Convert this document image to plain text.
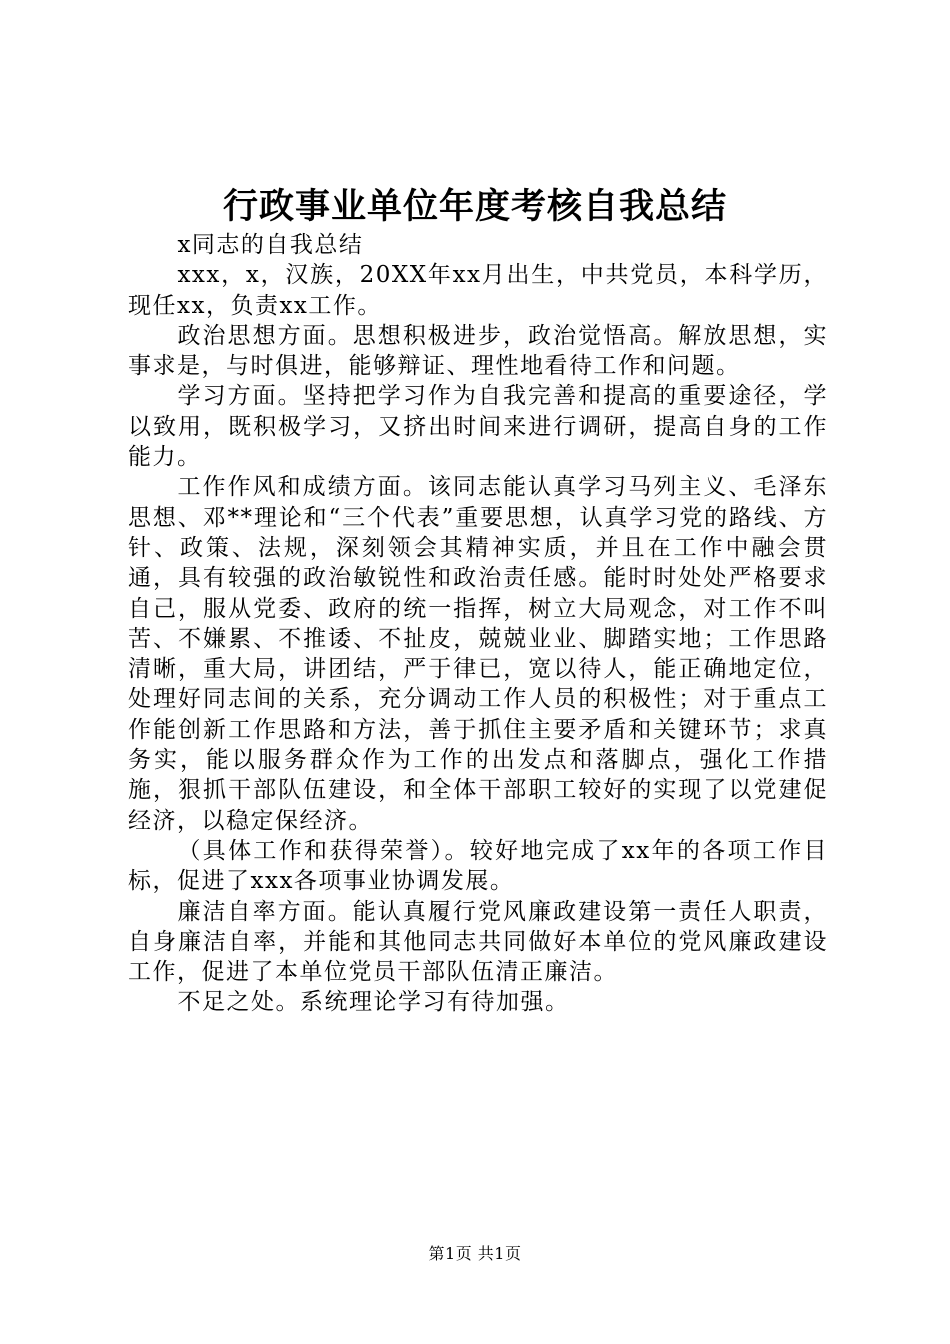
行政事业单位年度考核自我总结

x同志的自我总结

xxx，x，汉族，20XX年xx月出生，中共党员，本科学历，现任xx，负责xx工作。

政治思想方面。思想积极进步，政治觉悟高。解放思想，实事求是，与时俱进，能够辩证、理性地看待工作和问题。

学习方面。坚持把学习作为自我完善和提高的重要途径，学以致用，既积极学习，又挤出时间来进行调研，提高自身的工作能力。

工作作风和成绩方面。该同志能认真学习马列主义、毛泽东思想、邓**理论和“三个代表”重要思想，认真学习党的路线、方针、政策、法规，深刻领会其精神实质，并且在工作中融会贯通，具有较强的政治敏锐性和政治责任感。能时时处处严格要求自己，服从党委、政府的统一指挥，树立大局观念，对工作不叫苦、不嫌累、不推诿、不扯皮，兢兢业业、脚踏实地；工作思路清晰，重大局，讲团结，严于律已，宽以待人，能正确地定位，处理好同志间的关系，充分调动工作人员的积极性；对于重点工作能创新工作思路和方法，善于抓住主要矛盾和关键环节；求真务实，能以服务群众作为工作的出发点和落脚点，强化工作措施，狠抓干部队伍建设，和全体干部职工较好的实现了以党建促经济，以稳定保经济。

（具体工作和获得荣誉）。较好地完成了xx年的各项工作目标，促进了xxx各项事业协调发展。

廉洁自率方面。能认真履行党风廉政建设第一责任人职责，自身廉洁自率，并能和其他同志共同做好本单位的党风廉政建设工作，促进了本单位党员干部队伍清正廉洁。

不足之处。系统理论学习有待加强。

第1页 共1页
